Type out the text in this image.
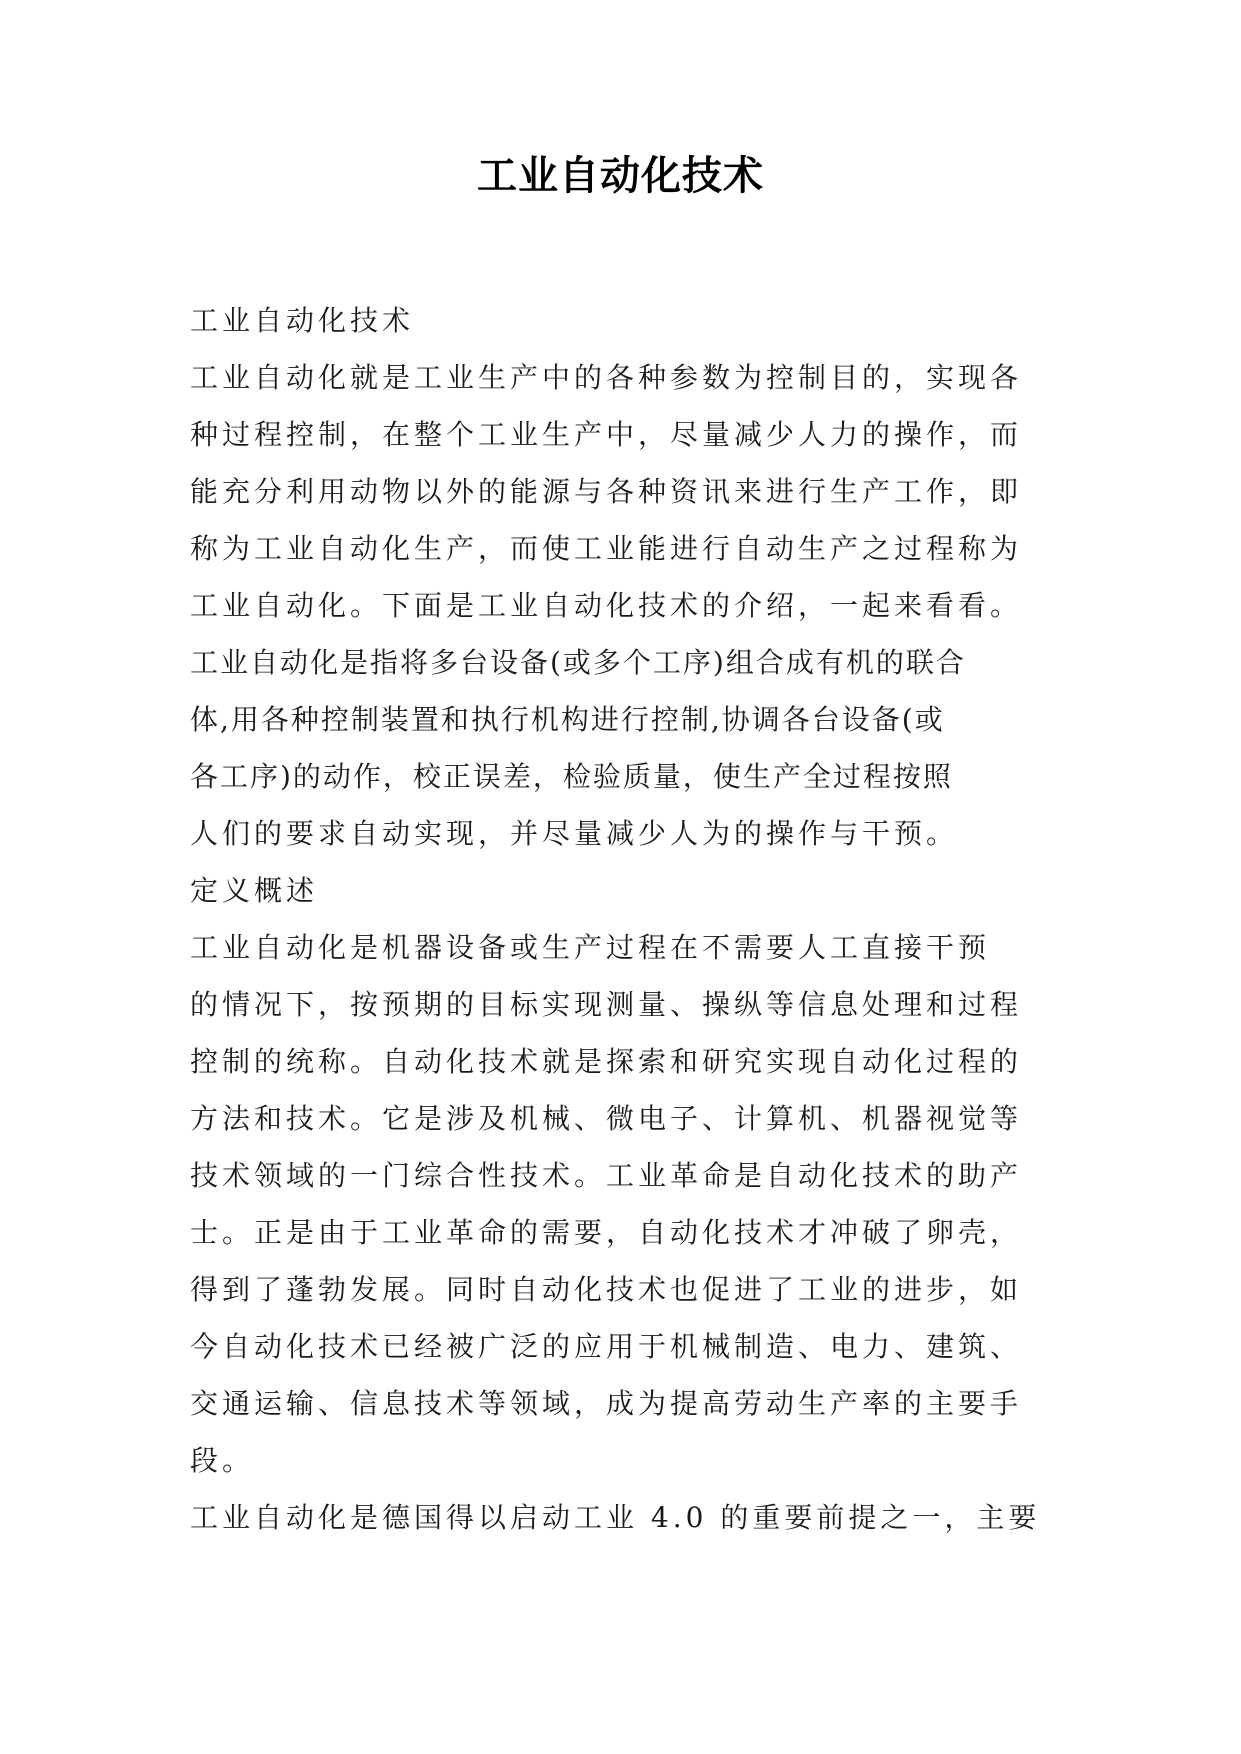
工业自动化技术
工业自动化技术
工业自动化就是工业生产中的各种参数为控制目的，实现各
种过程控制，在整个工业生产中，尽量减少人力的操作，而
能充分利用动物以外的能源与各种资讯来进行生产工作，即
称为工业自动化生产，而使工业能进行自动生产之过程称为
工业自动化。下面是工业自动化技术的介绍，一起来看看。
工业自动化是指将多台设备(或多个工序)组合成有机的联合
体,用各种控制装置和执行机构进行控制,协调各台设备(或
各工序)的动作，校正误差，检验质量，使生产全过程按照
人们的要求自动实现，并尽量减少人为的操作与干预。
定义概述
工业自动化是机器设备或生产过程在不需要人工直接干预
的情况下，按预期的目标实现测量、操纵等信息处理和过程
控制的统称。自动化技术就是探索和研究实现自动化过程的
方法和技术。它是涉及机械、微电子、计算机、机器视觉等
技术领域的一门综合性技术。工业革命是自动化技术的助产
士。正是由于工业革命的需要，自动化技术才冲破了卵壳，
得到了蓬勃发展。同时自动化技术也促进了工业的进步，如
今自动化技术已经被广泛的应用于机械制造、电力、建筑、
交通运输、信息技术等领域，成为提高劳动生产率的主要手
段。
工业自动化是德国得以启动工业 4.0 的重要前提之一，主要
